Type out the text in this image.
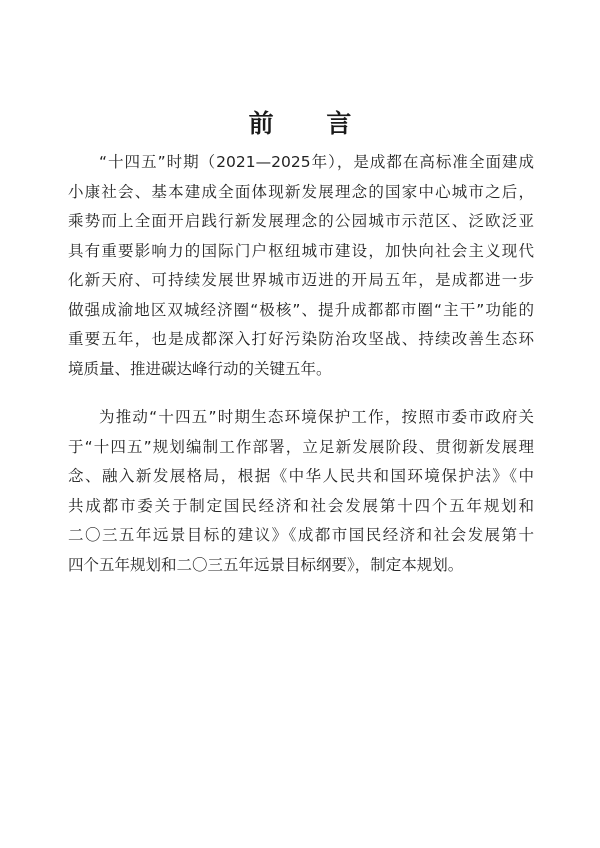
前 言
“十四五”时期（2021—2025年），是成都在高标准全面建成
小康社会、基本建成全面体现新发展理念的国家中心城市之后，
乘势而上全面开启践行新发展理念的公园城市示范区、泛欧泛亚
具有重要影响力的国际门户枢纽城市建设，加快向社会主义现代
化新天府、可持续发展世界城市迈进的开局五年，是成都进一步
做强成渝地区双城经济圈“极核”、提升成都都市圈“主干”功能的
重要五年，也是成都深入打好污染防治攻坚战、持续改善生态环
境质量、推进碳达峰行动的关键五年。
为推动“十四五”时期生态环境保护工作，按照市委市政府关
于“十四五”规划编制工作部署，立足新发展阶段、贯彻新发展理
念、融入新发展格局，根据《中华人民共和国环境保护法》《中
共成都市委关于制定国民经济和社会发展第十四个五年规划和
二〇三五年远景目标的建议》《成都市国民经济和社会发展第十
四个五年规划和二〇三五年远景目标纲要》，制定本规划。
